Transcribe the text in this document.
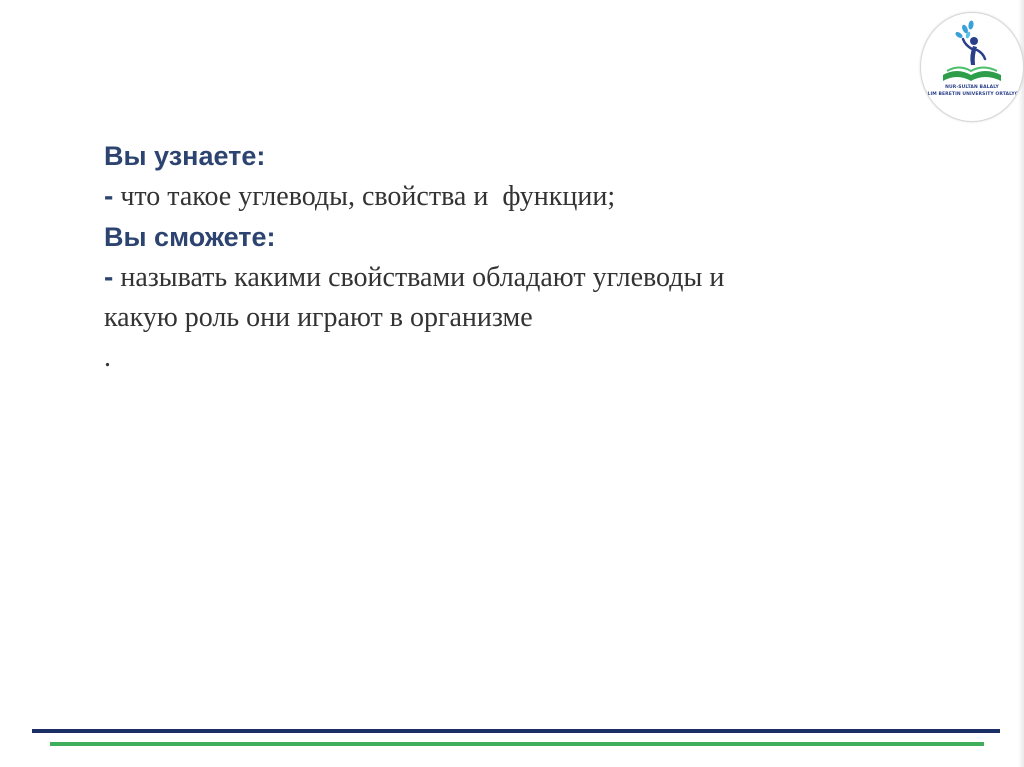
NUR-SULTAN BALALY
BILIM BERETIN UNIVERSITY ORTALYGY
Вы узнаете:
- что такое углеводы, свойства и  функции;
Вы сможете:
- называть какими свойствами обладают углеводы и
какую роль они играют в организме
.
